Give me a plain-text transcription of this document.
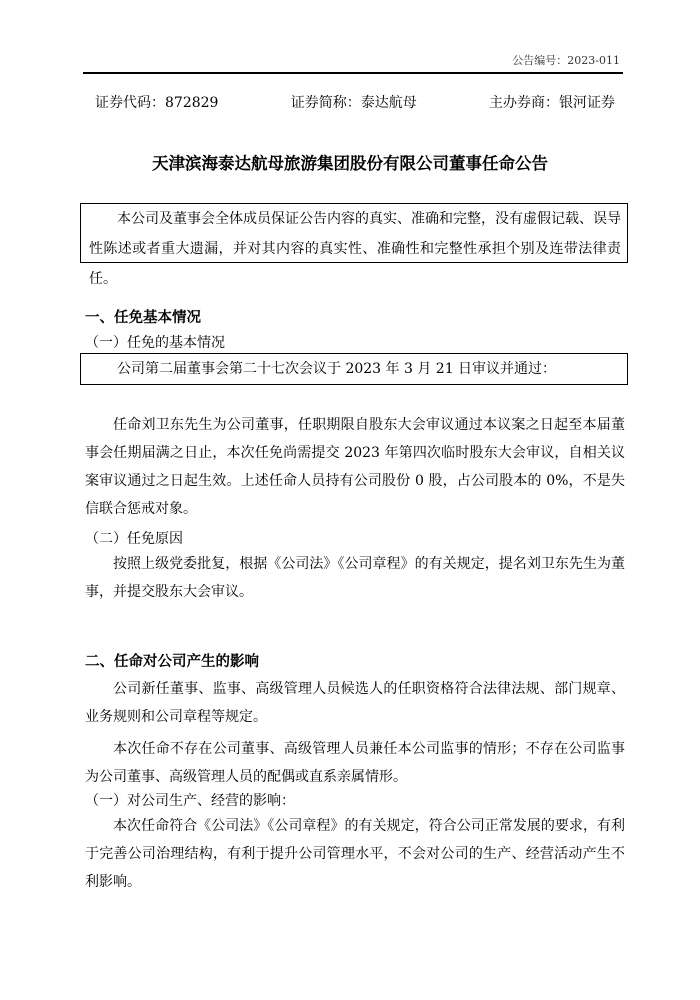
公告编号：2023-011
证券代码：872829	证券简称：泰达航母	主办券商：银河证券
天津滨海泰达航母旅游集团股份有限公司董事任命公告
本公司及董事会全体成员保证公告内容的真实、准确和完整，没有虚假记载、误导性陈述或者重大遗漏，并对其内容的真实性、准确性和完整性承担个别及连带法律责任。
一、任免基本情况
（一）任免的基本情况
公司第二届董事会第二十七次会议于 2023 年 3 月 21 日审议并通过：
任命刘卫东先生为公司董事，任职期限自股东大会审议通过本议案之日起至本届董事会任期届满之日止，本次任免尚需提交 2023 年第四次临时股东大会审议，自相关议案审议通过之日起生效。上述任命人员持有公司股份 0 股，占公司股本的 0%，不是失信联合惩戒对象。
（二）任免原因
按照上级党委批复，根据《公司法》《公司章程》的有关规定，提名刘卫东先生为董事，并提交股东大会审议。
二、任命对公司产生的影响
公司新任董事、监事、高级管理人员候选人的任职资格符合法律法规、部门规章、业务规则和公司章程等规定。
本次任命不存在公司董事、高级管理人员兼任本公司监事的情形；不存在公司监事为公司董事、高级管理人员的配偶或直系亲属情形。
（一）对公司生产、经营的影响：
本次任命符合《公司法》《公司章程》的有关规定，符合公司正常发展的要求，有利于完善公司治理结构，有利于提升公司管理水平，不会对公司的生产、经营活动产生不利影响。
